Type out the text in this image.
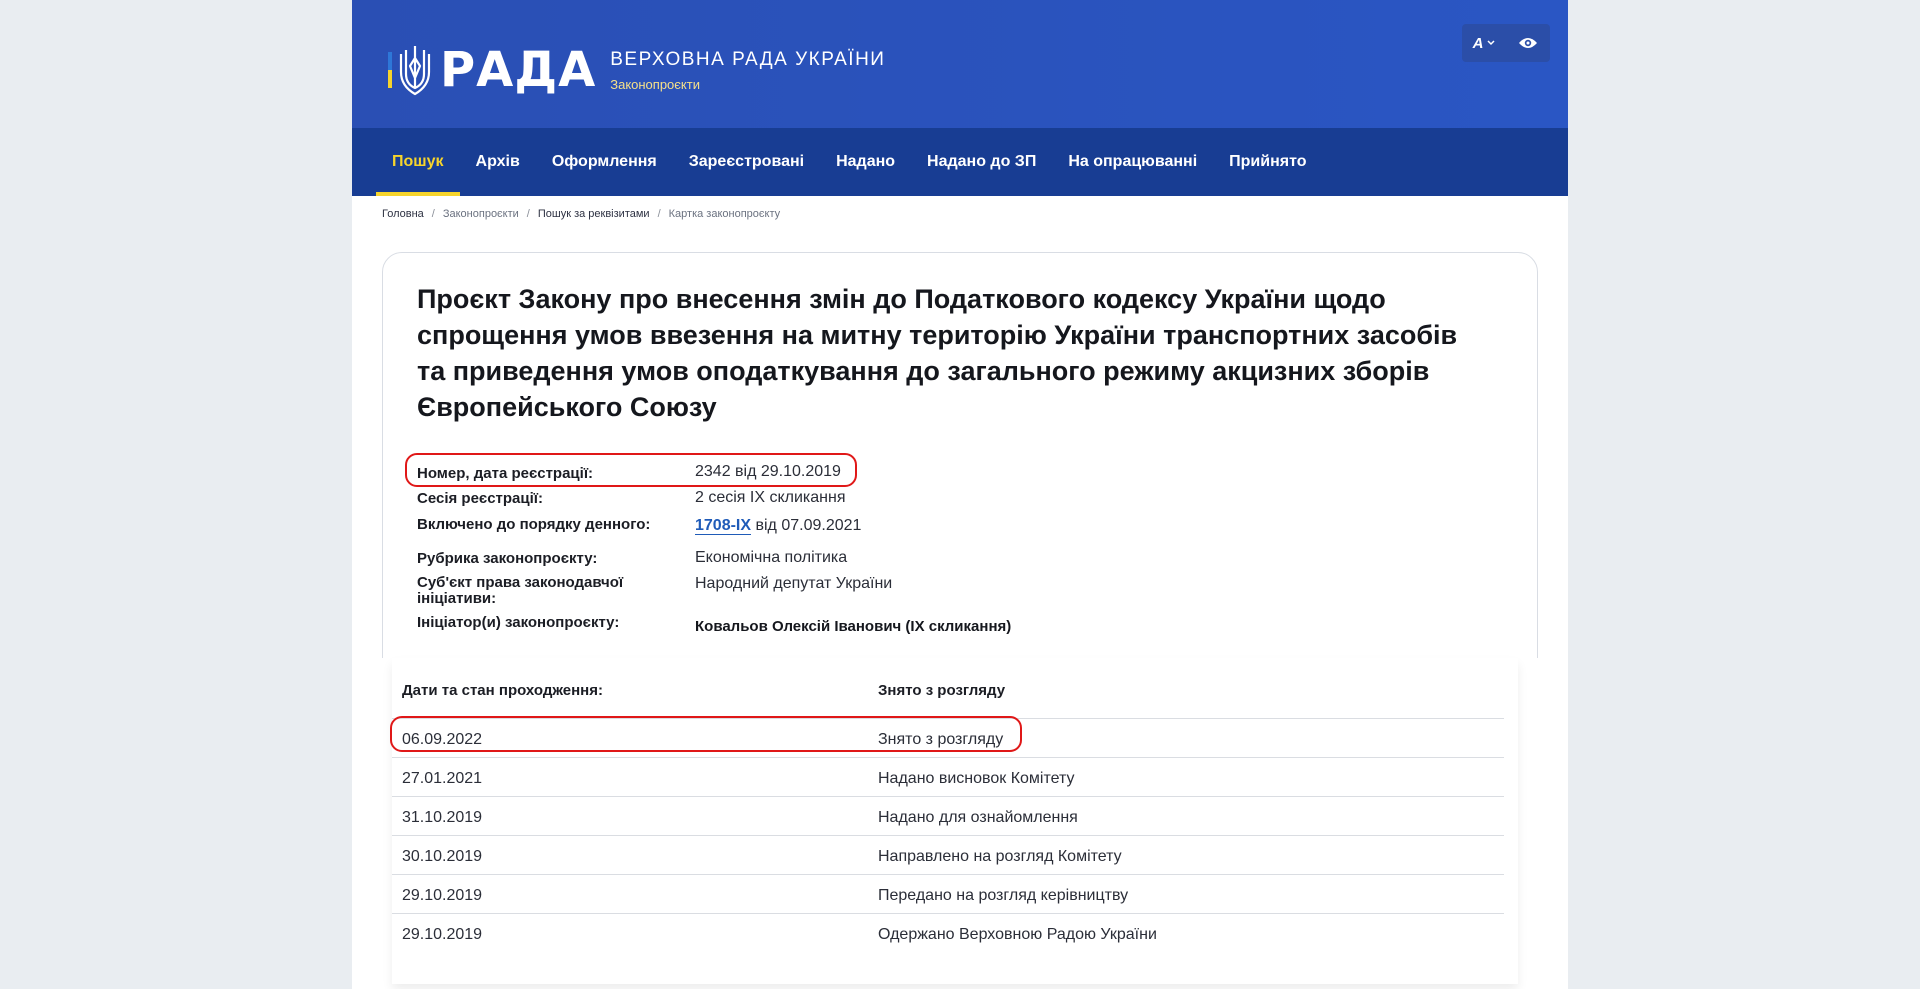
РАДА ВЕРХОВНА РАДА УКРАЇНИ
Законопроєкти
A
Пошук	Архів	Оформлення	Зареєстровані	Надано	Надано до ЗП	На опрацюванні	Прийнято
Головна / Законопроєкти / Пошук за реквізитами / Картка законопроєкту
Проєкт Закону про внесення змін до Податкового кодексу України щодо спрощення умов ввезення на митну територію України транспортних засобів та приведення умов оподаткування до загального режиму акцизних зборів Європейського Союзу
Номер, дата реєстрації:	2342 від 29.10.2019
Сесія реєстрації:	2 сесія IX скликання
Включено до порядку денного:	1708-IX від 07.09.2021
Рубрика законопроєкту:	Економічна політика
Суб'єкт права законодавчої ініціативи:
Народний депутат України
Ініціатор(и) законопроєкту:	Ковальов Олексій Іванович (IX скликання)
Дати та стан проходження:	Знято з розгляду
06.09.2022	Знято з розгляду
27.01.2021	Надано висновок Комітету
31.10.2019	Надано для ознайомлення
30.10.2019	Направлено на розгляд Комітету
29.10.2019	Передано на розгляд керівництву
29.10.2019	Одержано Верховною Радою України
